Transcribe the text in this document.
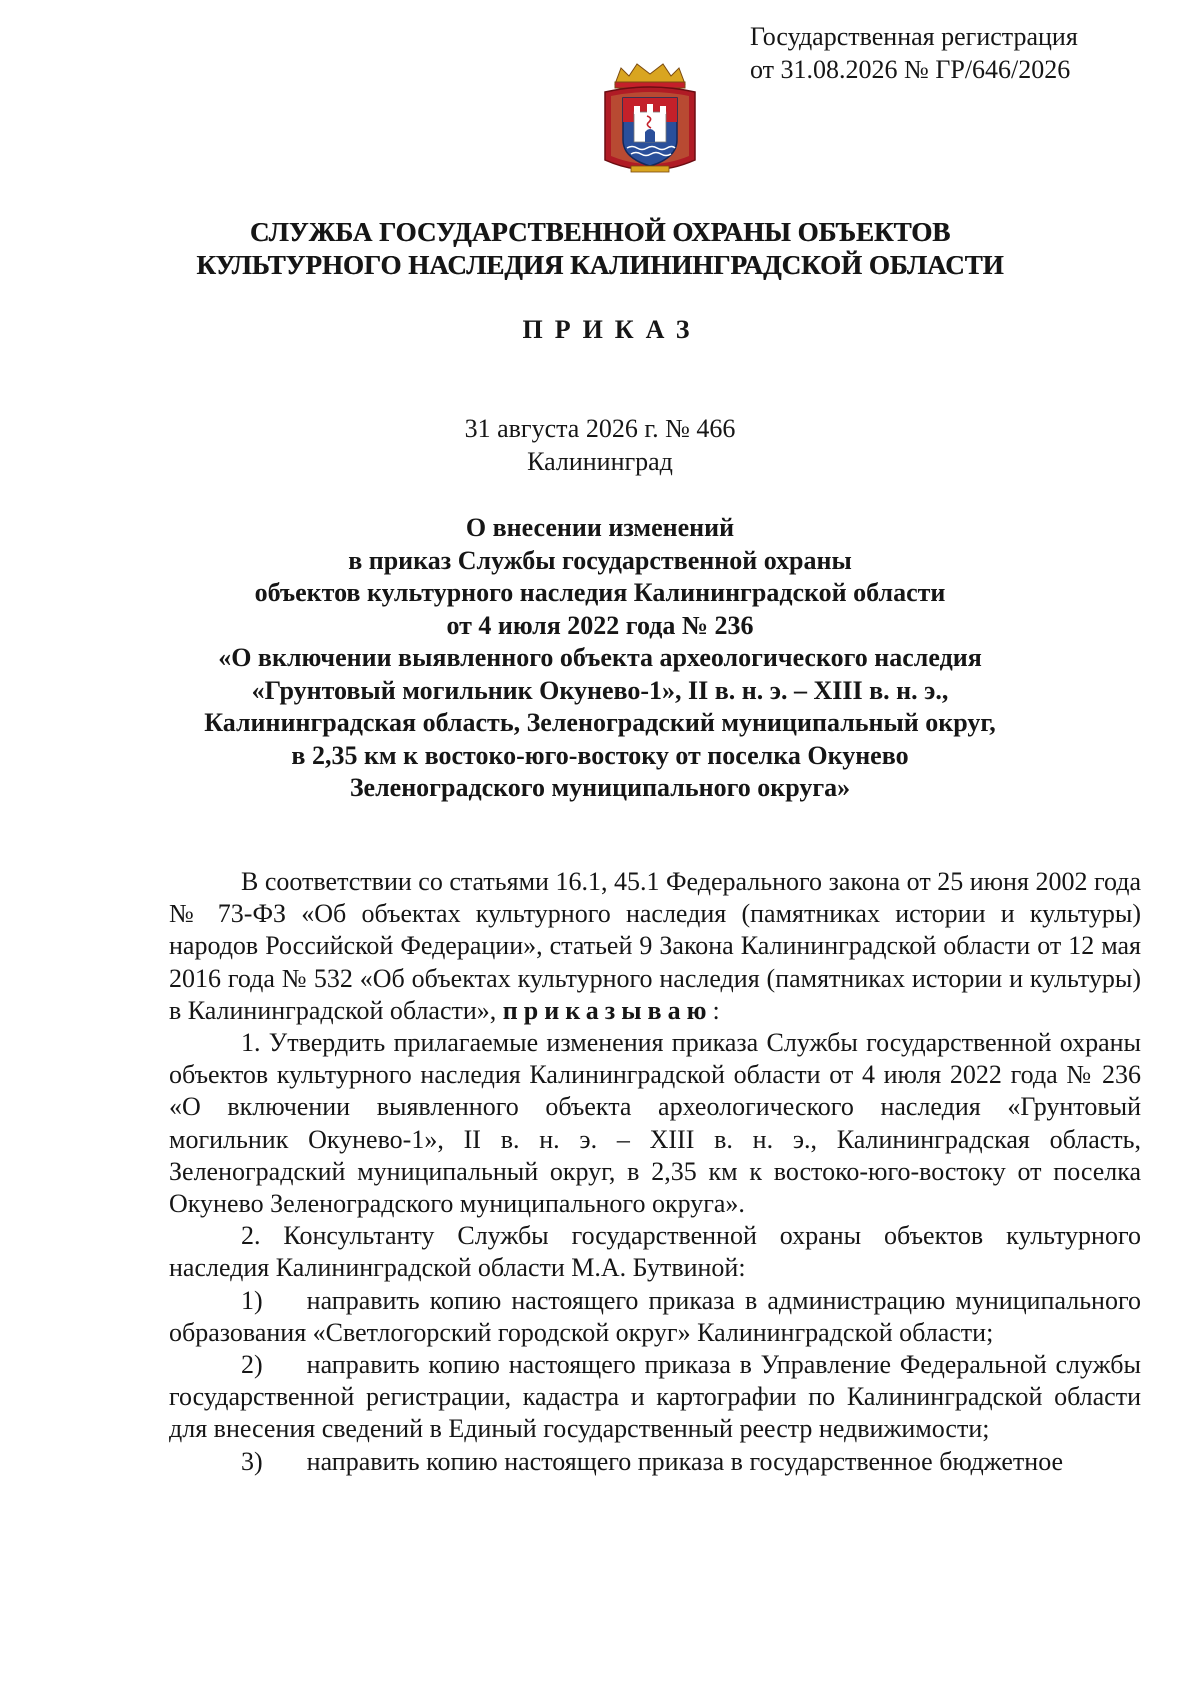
Государственная регистрация
от 31.08.2026 № ГР/646/2026
СЛУЖБА ГОСУДАРСТВЕННОЙ ОХРАНЫ ОБЪЕКТОВ
КУЛЬТУРНОГО НАСЛЕДИЯ КАЛИНИНГРАДСКОЙ ОБЛАСТИ
ПРИКАЗ
31 августа 2026 г. № 466
Калининград
О внесении изменений
в приказ Службы государственной охраны
объектов культурного наследия Калининградской области
от 4 июля 2022 года № 236
«О включении выявленного объекта археологического наследия
«Грунтовый могильник Окунево-1», II в. н. э. – XIII в. н. э.,
Калининградская область, Зеленоградский муниципальный округ,
в 2,35 км к востоко-юго-востоку от поселка Окунево
Зеленоградского муниципального округа»

В соответствии со статьями 16.1, 45.1 Федерального закона от 25 июня 2002 года № 73-ФЗ «Об объектах культурного наследия (памятниках истории и культуры) народов Российской Федерации», статьей 9 Закона Калининградской области от 12 мая 2016 года № 532 «Об объектах культурного наследия (памятниках истории и культуры) в Калининградской области», приказываю:

1. Утвердить прилагаемые изменения приказа Службы государственной охраны объектов культурного наследия Калининградской области от 4 июля 2022 года № 236 «О включении выявленного объекта археологического наследия «Грунтовый могильник Окунево-1», II в. н. э. – XIII в. н. э., Калининградская область, Зеленоградский муниципальный округ, в 2,35 км к востоко-юго-востоку от поселка Окунево Зеленоградского муниципального округа».

2. Консультанту Службы государственной охраны объектов культурного наследия Калининградской области М.А. Бутвиной:

1) направить копию настоящего приказа в администрацию муниципального образования «Светлогорский городской округ» Калининградской области;

2) направить копию настоящего приказа в Управление Федеральной службы государственной регистрации, кадастра и картографии по Калининградской области для внесения сведений в Единый государственный реестр недвижимости;

3) направить копию настоящего приказа в государственное бюджетное
